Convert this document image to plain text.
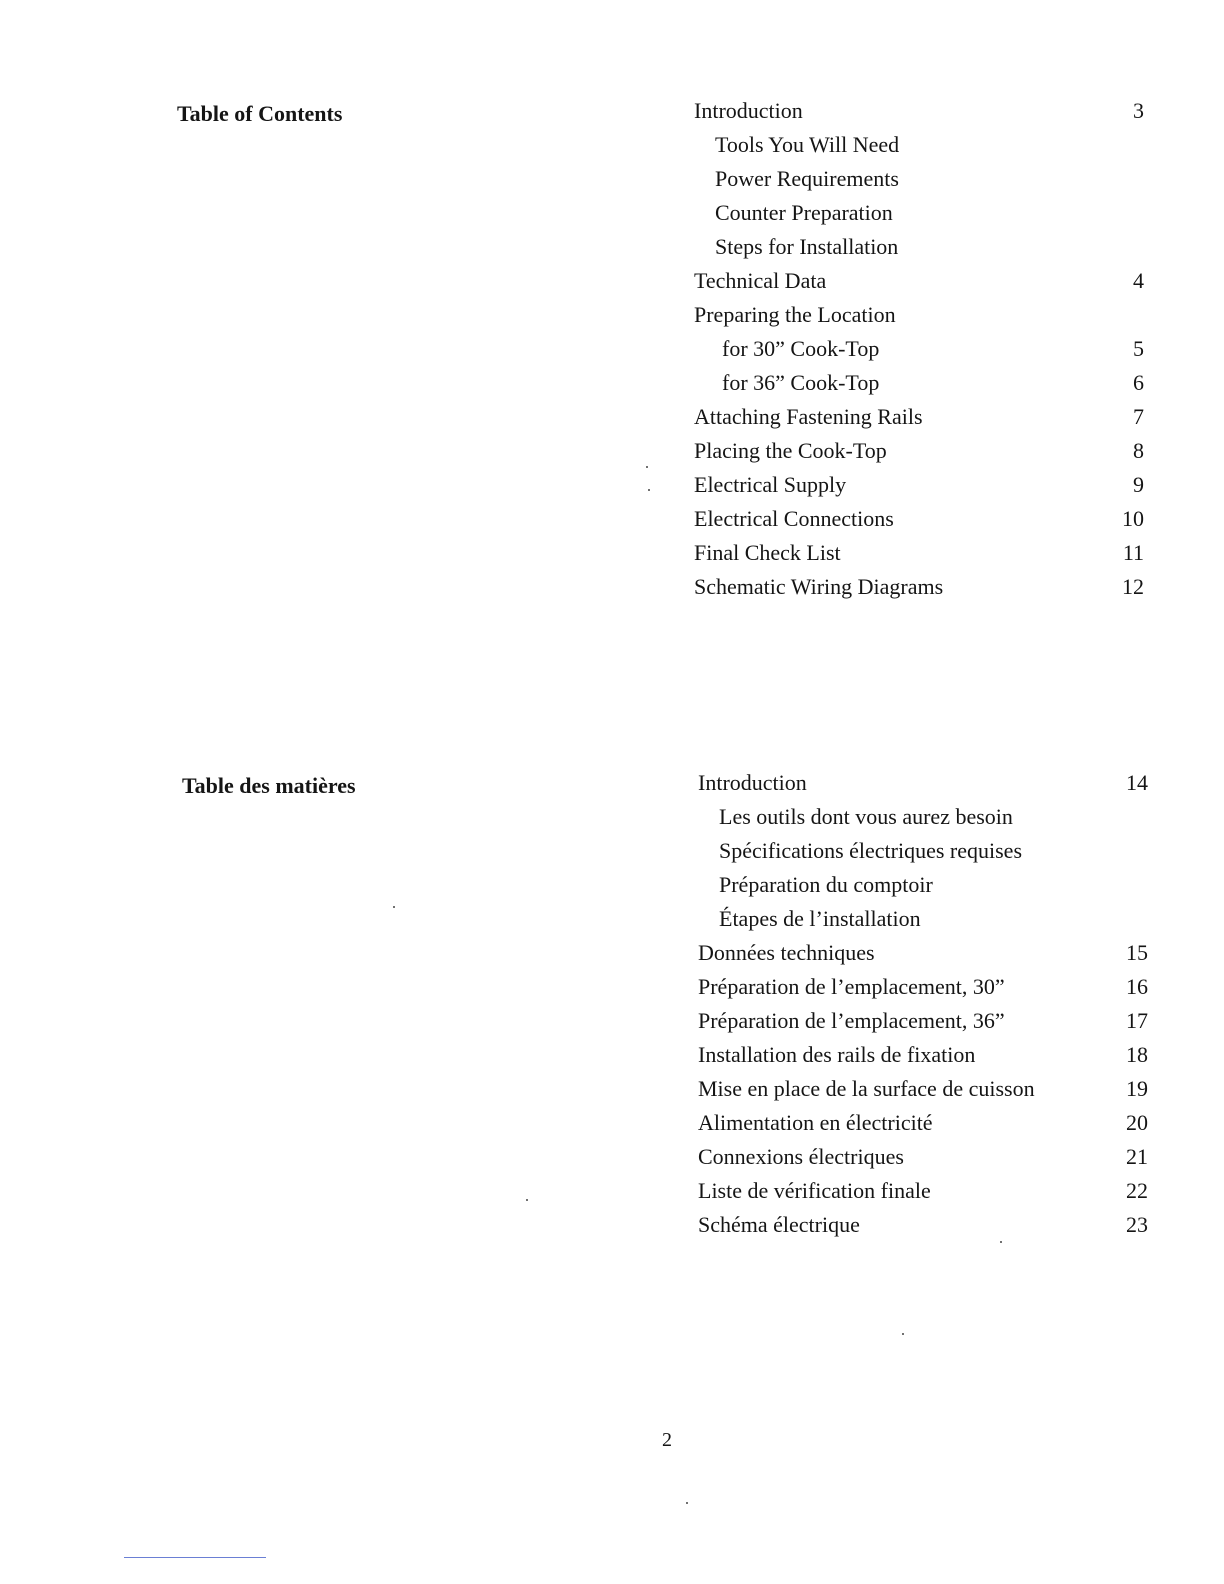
Table of Contents	Introduction	3
Tools You Will Need
Power Requirements
Counter Preparation
Steps for Installation
Technical Data	4
Preparing the Location
for 30” Cook-Top	5
for 36” Cook-Top	6
Attaching Fastening Rails	7
Placing the Cook-Top	8
Electrical Supply	9
Electrical Connections	10
Final Check List	11
Schematic Wiring Diagrams	12
Table des matières	Introduction	14
Les outils dont vous aurez besoin
Spécifications électriques requises
Préparation du comptoir
Étapes de l’installation
Données techniques	15
Préparation de l’emplacement, 30”	16
Préparation de l’emplacement, 36”	17
Installation des rails de fixation	18
Mise en place de la surface de cuisson	19
Alimentation en électricité	20
Connexions électriques	21
Liste de vérification finale	22
Schéma électrique	23
2
